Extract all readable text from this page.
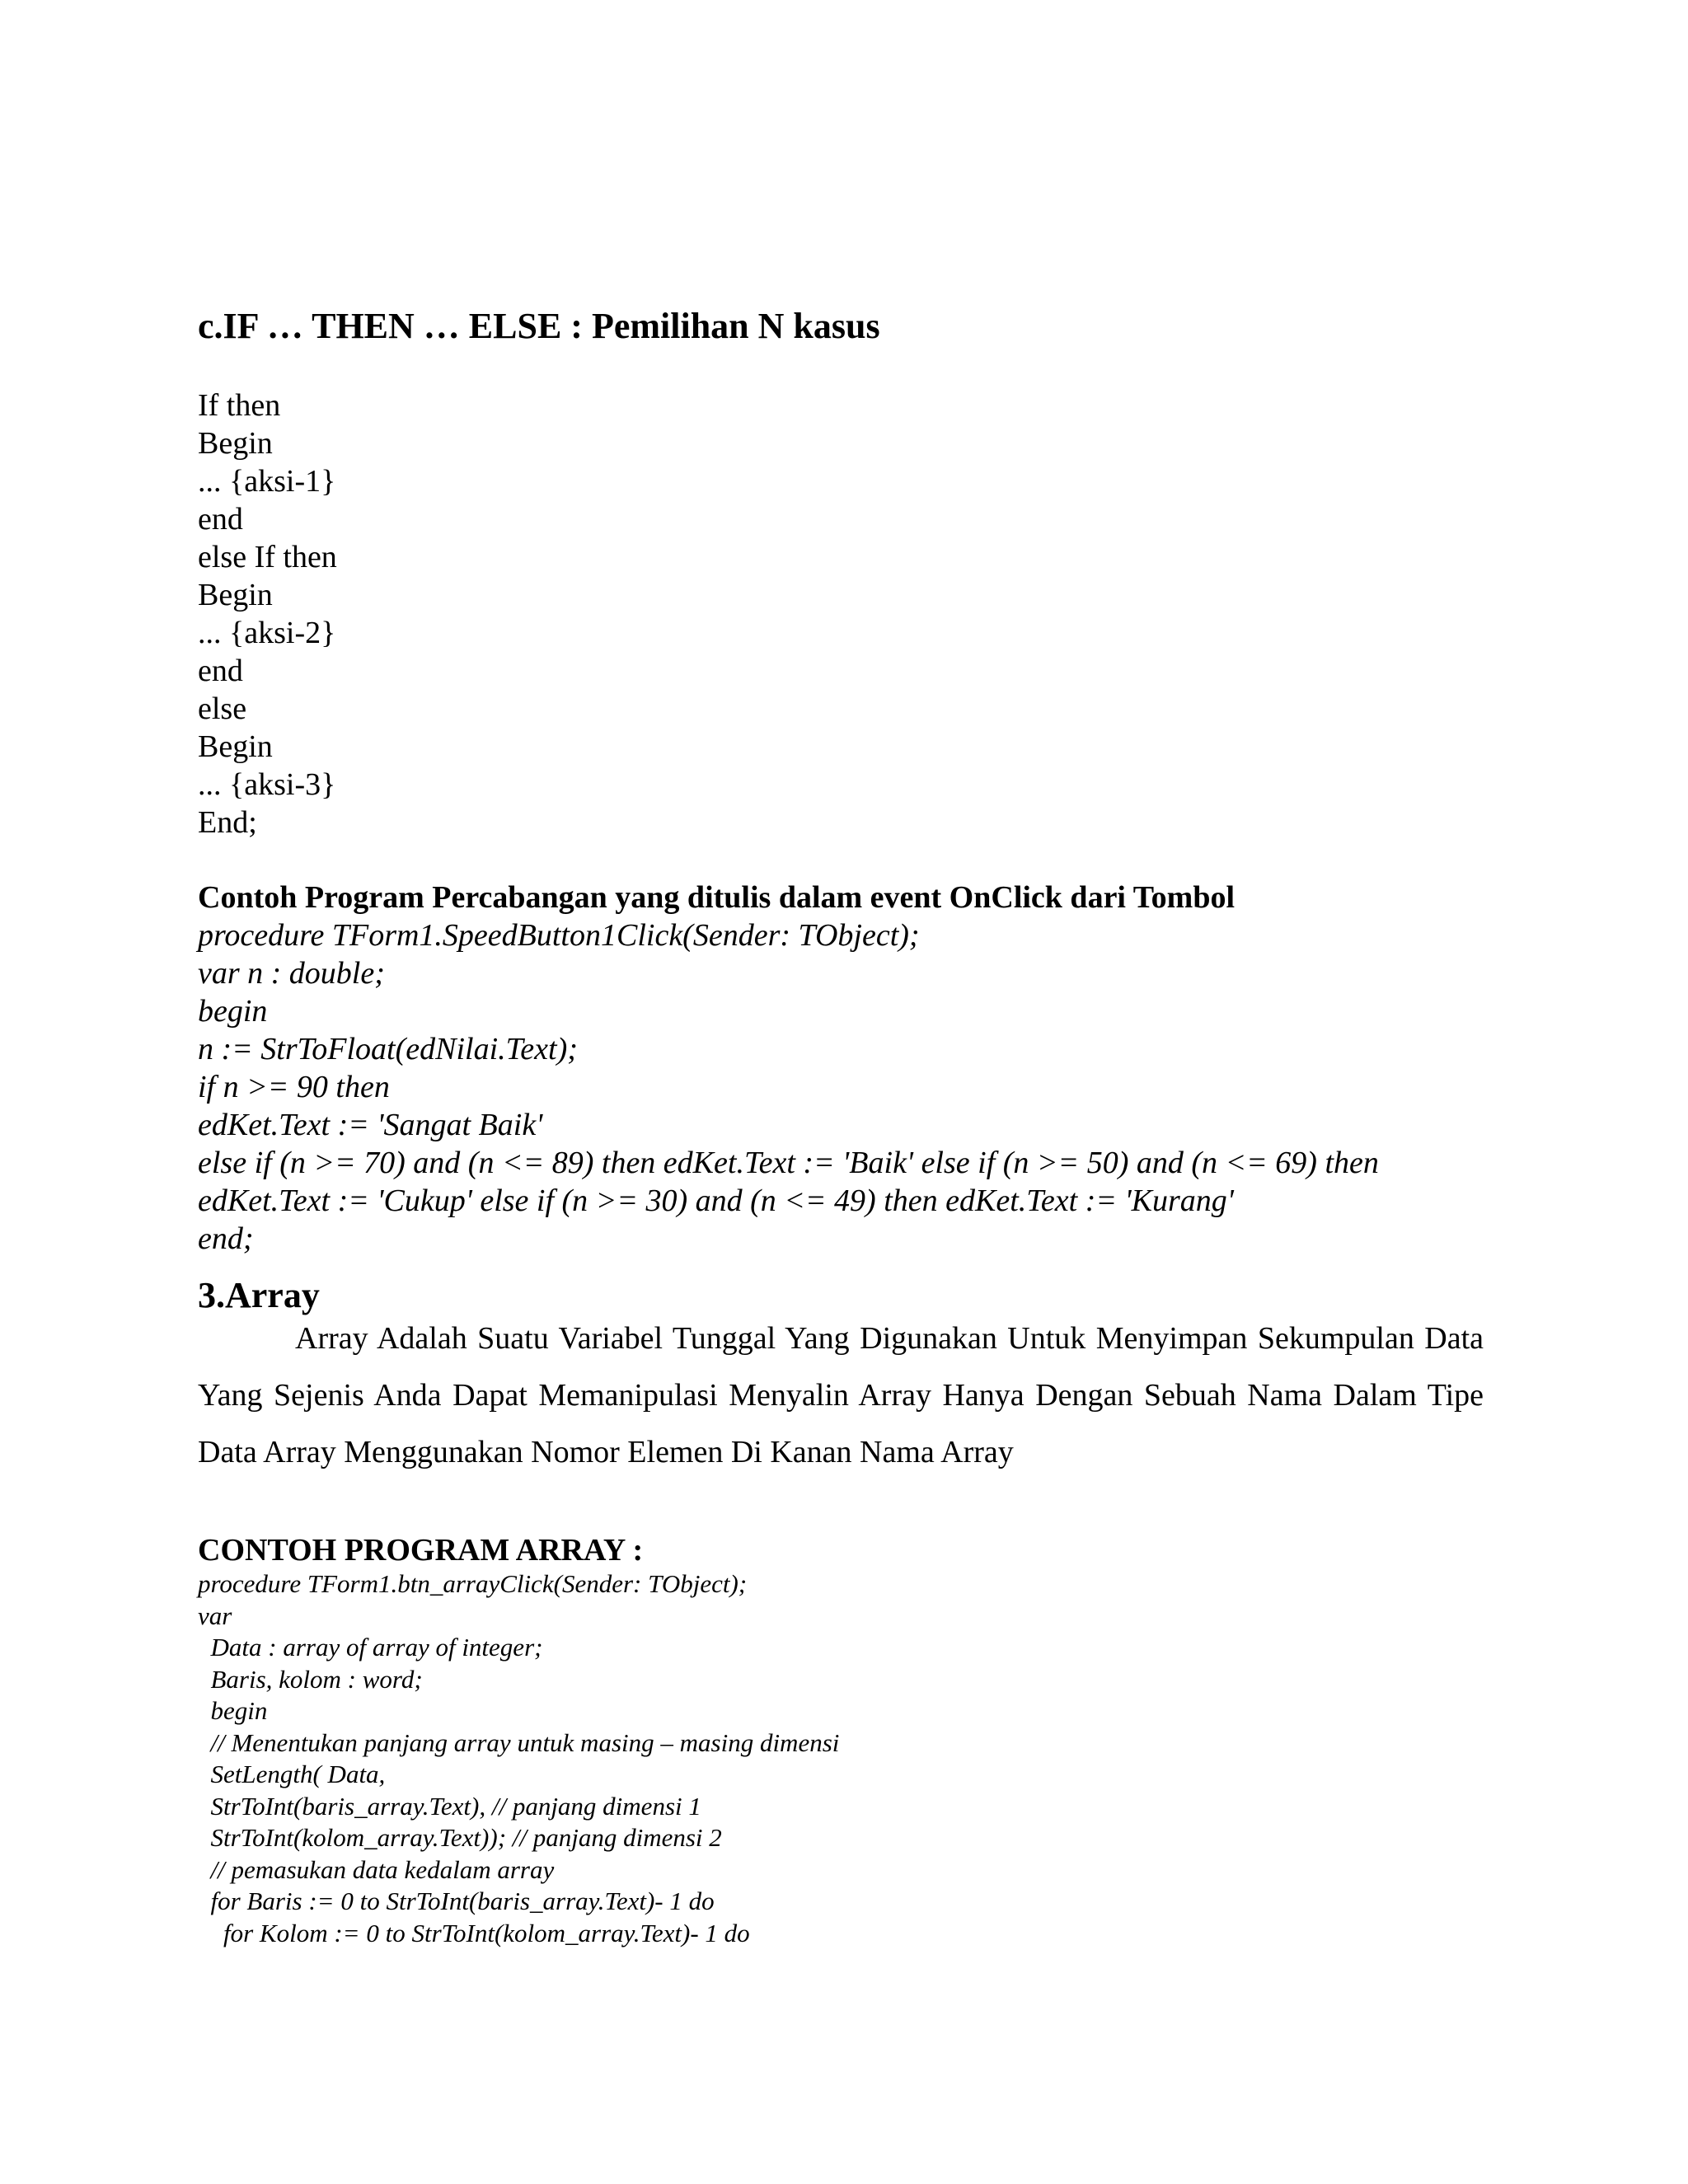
c.IF … THEN … ELSE : Pemilihan N kasus
If then
Begin
... {aksi-1}
end
else If then
Begin
... {aksi-2}
end
else
Begin
... {aksi-3}
End;
Contoh Program Percabangan yang ditulis dalam event OnClick dari Tombol
procedure TForm1.SpeedButton1Click(Sender: TObject);
var n : double;
begin
n := StrToFloat(edNilai.Text);
if n >= 90 then
edKet.Text := 'Sangat Baik'
else if (n >= 70) and (n <= 89) then edKet.Text := 'Baik' else if (n >= 50) and (n <= 69) then
edKet.Text := 'Cukup' else if (n >= 30) and (n <= 49) then edKet.Text := 'Kurang'
end;
3.Array
Array Adalah Suatu Variabel Tunggal Yang Digunakan Untuk Menyimpan Sekumpulan Data Yang Sejenis Anda Dapat Memanipulasi Menyalin Array Hanya Dengan Sebuah Nama Dalam Tipe Data Array Menggunakan Nomor Elemen Di Kanan Nama Array
CONTOH PROGRAM ARRAY :
procedure TForm1.btn_arrayClick(Sender: TObject);
var
Data : array of array of integer;
Baris, kolom : word;
begin
// Menentukan panjang array untuk masing – masing dimensi
SetLength( Data,
StrToInt(baris_array.Text), // panjang dimensi 1
StrToInt(kolom_array.Text)); // panjang dimensi 2
// pemasukan data kedalam array
for Baris := 0 to StrToInt(baris_array.Text)- 1 do
for Kolom := 0 to StrToInt(kolom_array.Text)- 1 do
